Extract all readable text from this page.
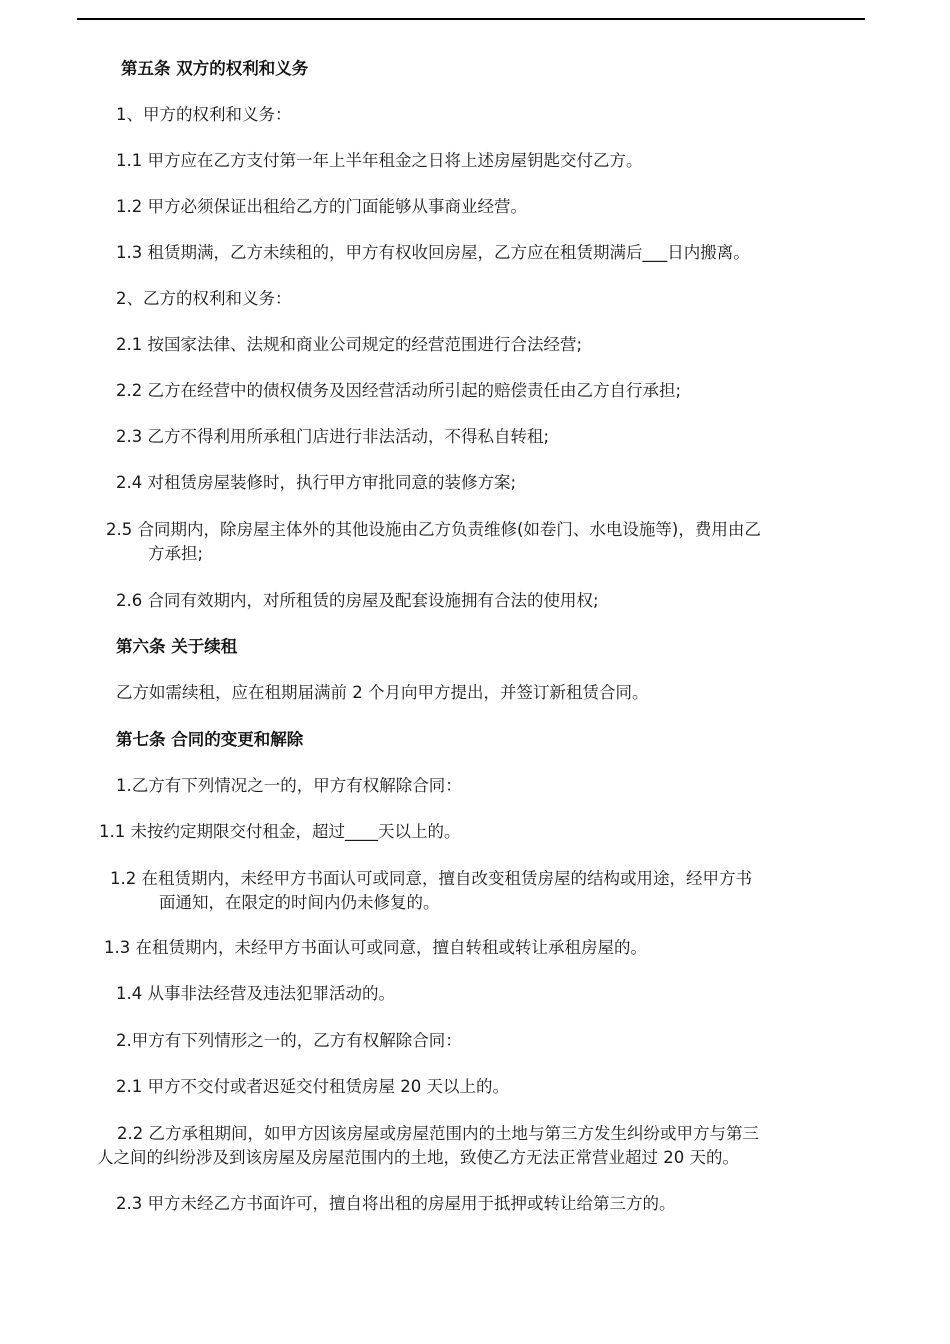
第五条 双方的权利和义务

1、甲方的权利和义务：

1.1 甲方应在乙方支付第一年上半年租金之日将上述房屋钥匙交付乙方。

1.2 甲方必须保证出租给乙方的门面能够从事商业经营。

1.3 租赁期满，乙方未续租的，甲方有权收回房屋，乙方应在租赁期满后___日内搬离。

2、乙方的权利和义务：

2.1 按国家法律、法规和商业公司规定的经营范围进行合法经营;

2.2 乙方在经营中的债权债务及因经营活动所引起的赔偿责任由乙方自行承担;

2.3 乙方不得利用所承租门店进行非法活动，不得私自转租;

2.4 对租赁房屋装修时，执行甲方审批同意的装修方案;

2.5 合同期内，除房屋主体外的其他设施由乙方负责维修(如卷门、水电设施等)，费用由乙
方承担;

2.6 合同有效期内，对所租赁的房屋及配套设施拥有合法的使用权;

第六条 关于续租

乙方如需续租，应在租期届满前 2 个月向甲方提出，并签订新租赁合同。

第七条 合同的变更和解除

1.乙方有下列情况之一的，甲方有权解除合同：

1.1 未按约定期限交付租金，超过____天以上的。

1.2 在租赁期内，未经甲方书面认可或同意，擅自改变租赁房屋的结构或用途，经甲方书
面通知，在限定的时间内仍未修复的。

1.3 在租赁期内，未经甲方书面认可或同意，擅自转租或转让承租房屋的。

1.4 从事非法经营及违法犯罪活动的。

2.甲方有下列情形之一的，乙方有权解除合同：

2.1 甲方不交付或者迟延交付租赁房屋 20 天以上的。

2.2 乙方承租期间，如甲方因该房屋或房屋范围内的土地与第三方发生纠纷或甲方与第三
人之间的纠纷涉及到该房屋及房屋范围内的土地，致使乙方无法正常营业超过 20 天的。

2.3 甲方未经乙方书面许可，擅自将出租的房屋用于抵押或转让给第三方的。
